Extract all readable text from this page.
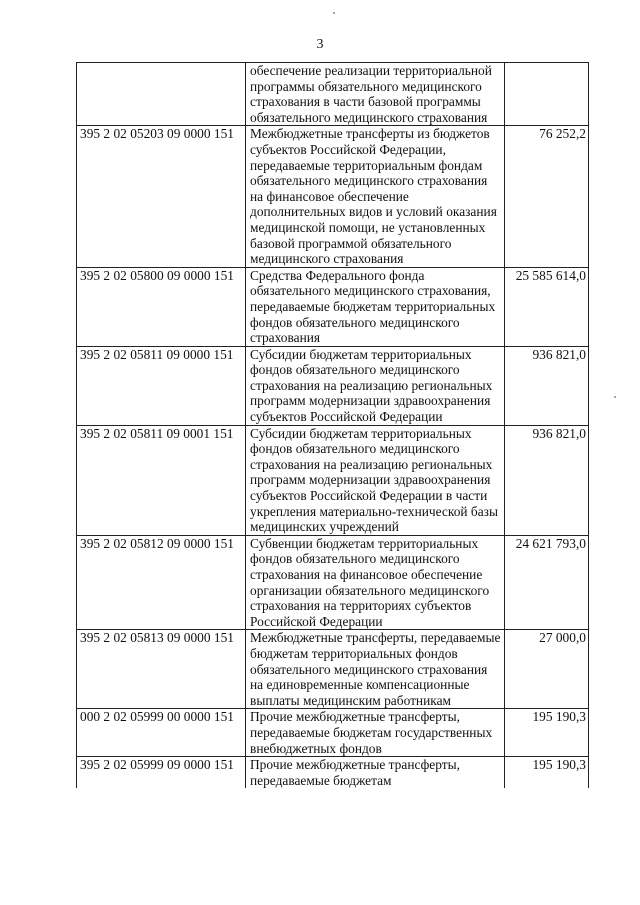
3
	обеспечение реализации территориальной программы обязательного медицинского страхования в части базовой программы обязательного медицинского страхования	
395 2 02 05203 09 0000 151	Межбюджетные трансферты из бюджетов субъектов Российской Федерации, передаваемые территориальным фондам обязательного медицинского страхования на финансовое обеспечение дополнительных видов и условий оказания медицинской помощи, не установленных базовой программой обязательного медицинского страхования	76 252,2
395 2 02 05800 09 0000 151	Средства Федерального фонда обязательного медицинского страхования, передаваемые бюджетам территориальных фондов обязательного медицинского страхования	25 585 614,0
395 2 02 05811 09 0000 151	Субсидии бюджетам территориальных фондов обязательного медицинского страхования на реализацию региональных программ модернизации здравоохранения субъектов Российской Федерации	936 821,0
395 2 02 05811 09 0001 151	Субсидии бюджетам территориальных фондов обязательного медицинского страхования на реализацию региональных программ модернизации здравоохранения субъектов Российской Федерации в части укрепления материально-технической базы медицинских учреждений	936 821,0
395 2 02 05812 09 0000 151	Субвенции бюджетам территориальных фондов обязательного медицинского страхования на финансовое обеспечение организации обязательного медицинского страхования на территориях субъектов Российской Федерации	24 621 793,0
395 2 02 05813 09 0000 151	Межбюджетные трансферты, передаваемые бюджетам территориальных фондов обязательного медицинского страхования на единовременные компенсационные выплаты медицинским работникам	27 000,0
000 2 02 05999 00 0000 151	Прочие межбюджетные трансферты, передаваемые бюджетам государственных внебюджетных фондов	195 190,3
395 2 02 05999 09 0000 151	Прочие межбюджетные трансферты, передаваемые бюджетам	195 190,3
